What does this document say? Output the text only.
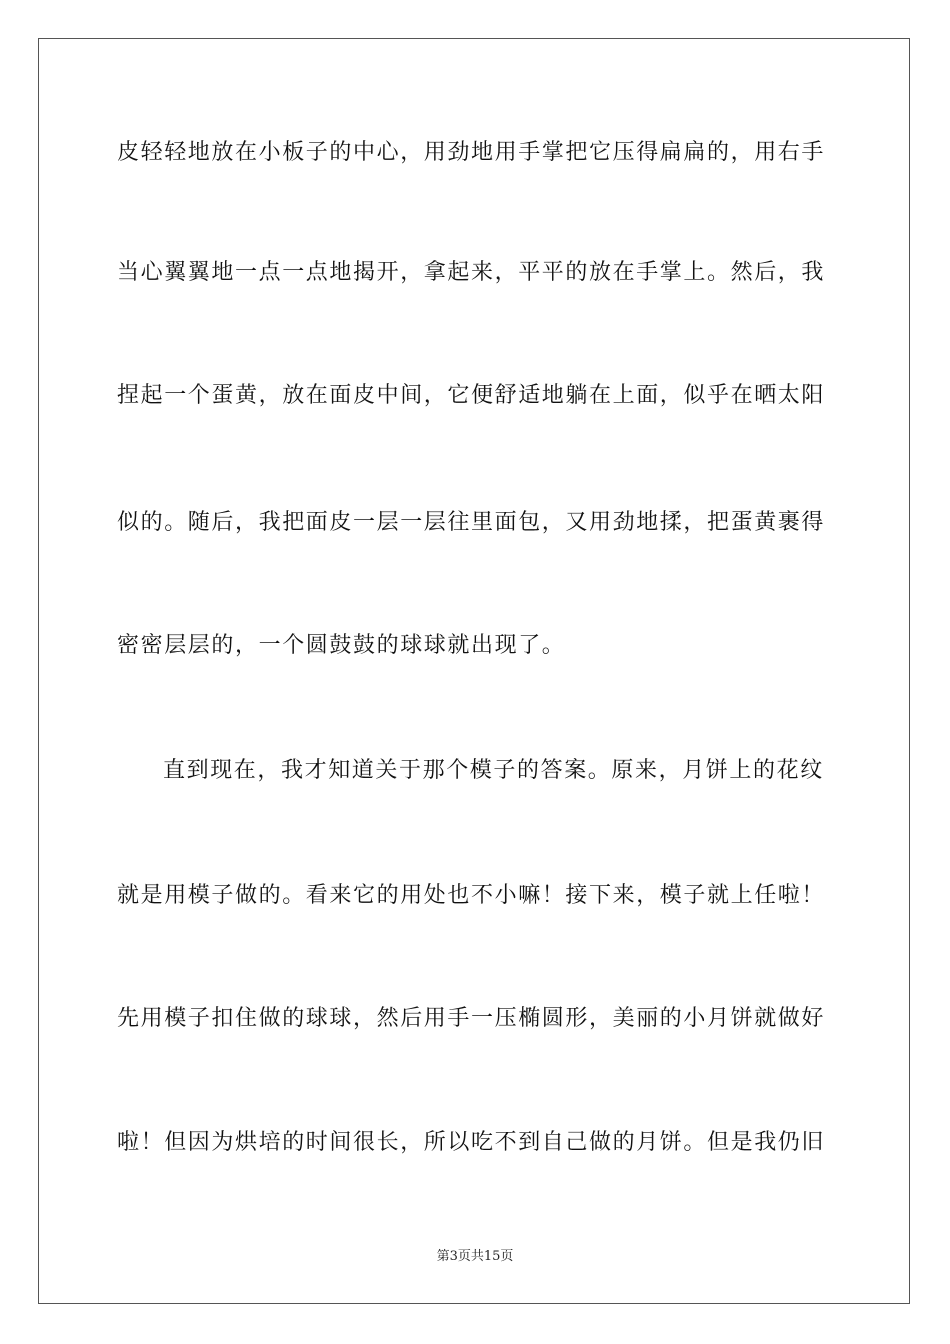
皮轻轻地放在小板子的中心，用劲地用手掌把它压得扁扁的，用右手
当心翼翼地一点一点地揭开，拿起来，平平的放在手掌上。然后，我
捏起一个蛋黄，放在面皮中间，它便舒适地躺在上面，似乎在晒太阳
似的。随后，我把面皮一层一层往里面包，又用劲地揉，把蛋黄裹得
密密层层的，一个圆鼓鼓的球球就出现了。
直到现在，我才知道关于那个模子的答案。原来，月饼上的花纹
就是用模子做的。看来它的用处也不小嘛！接下来，模子就上任啦！
先用模子扣住做的球球，然后用手一压椭圆形，美丽的小月饼就做好
啦！但因为烘培的时间很长，所以吃不到自己做的月饼。但是我仍旧
第3页共15页
